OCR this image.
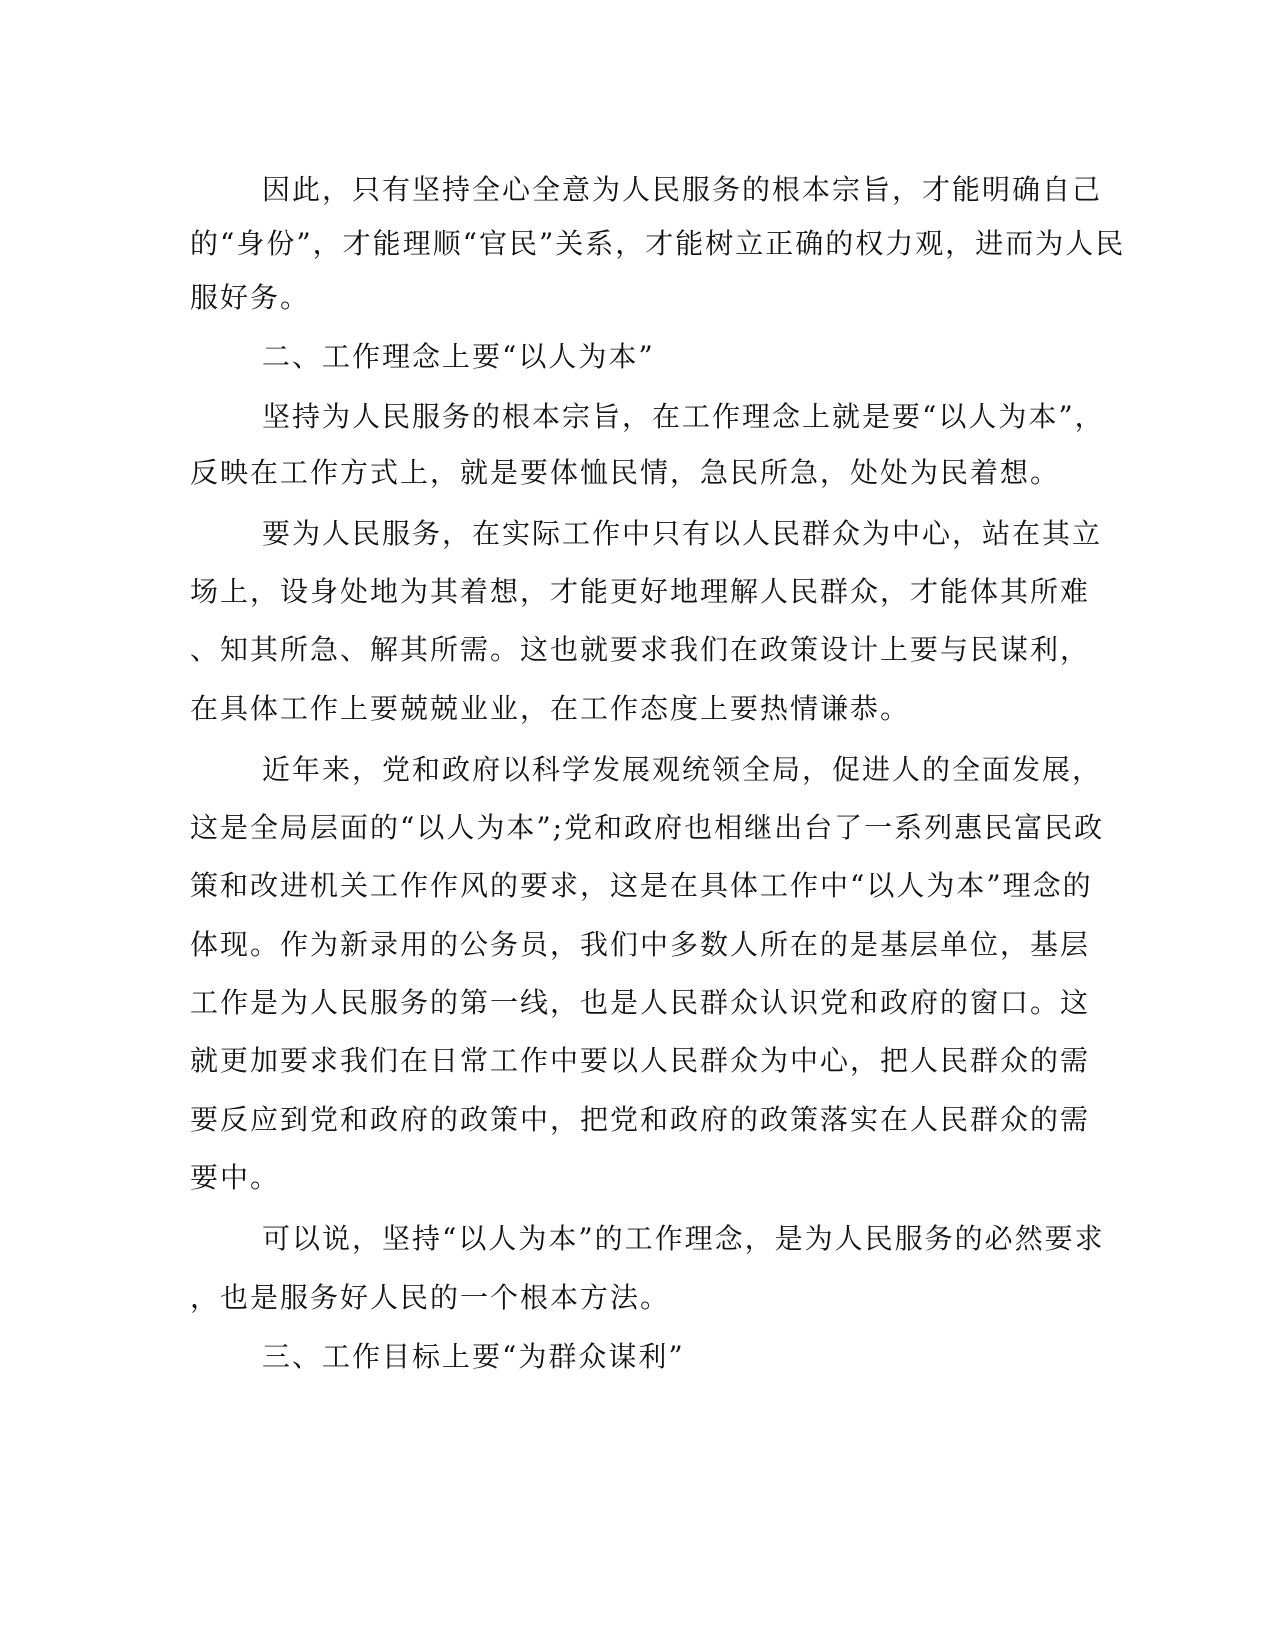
因此，只有坚持全心全意为人民服务的根本宗旨，才能明确自己
的“身份”，才能理顺“官民”关系，才能树立正确的权力观，进而为人民
服好务。
二、工作理念上要“以人为本”
坚持为人民服务的根本宗旨，在工作理念上就是要“以人为本”，
反映在工作方式上，就是要体恤民情，急民所急，处处为民着想。
要为人民服务，在实际工作中只有以人民群众为中心，站在其立
场上，设身处地为其着想，才能更好地理解人民群众，才能体其所难
、知其所急、解其所需。这也就要求我们在政策设计上要与民谋利，
在具体工作上要兢兢业业，在工作态度上要热情谦恭。
近年来，党和政府以科学发展观统领全局，促进人的全面发展，
这是全局层面的“以人为本”;党和政府也相继出台了一系列惠民富民政
策和改进机关工作作风的要求，这是在具体工作中“以人为本”理念的
体现。作为新录用的公务员，我们中多数人所在的是基层单位，基层
工作是为人民服务的第一线，也是人民群众认识党和政府的窗口。这
就更加要求我们在日常工作中要以人民群众为中心，把人民群众的需
要反应到党和政府的政策中，把党和政府的政策落实在人民群众的需
要中。
可以说，坚持“以人为本”的工作理念，是为人民服务的必然要求
，也是服务好人民的一个根本方法。
三、工作目标上要“为群众谋利”
